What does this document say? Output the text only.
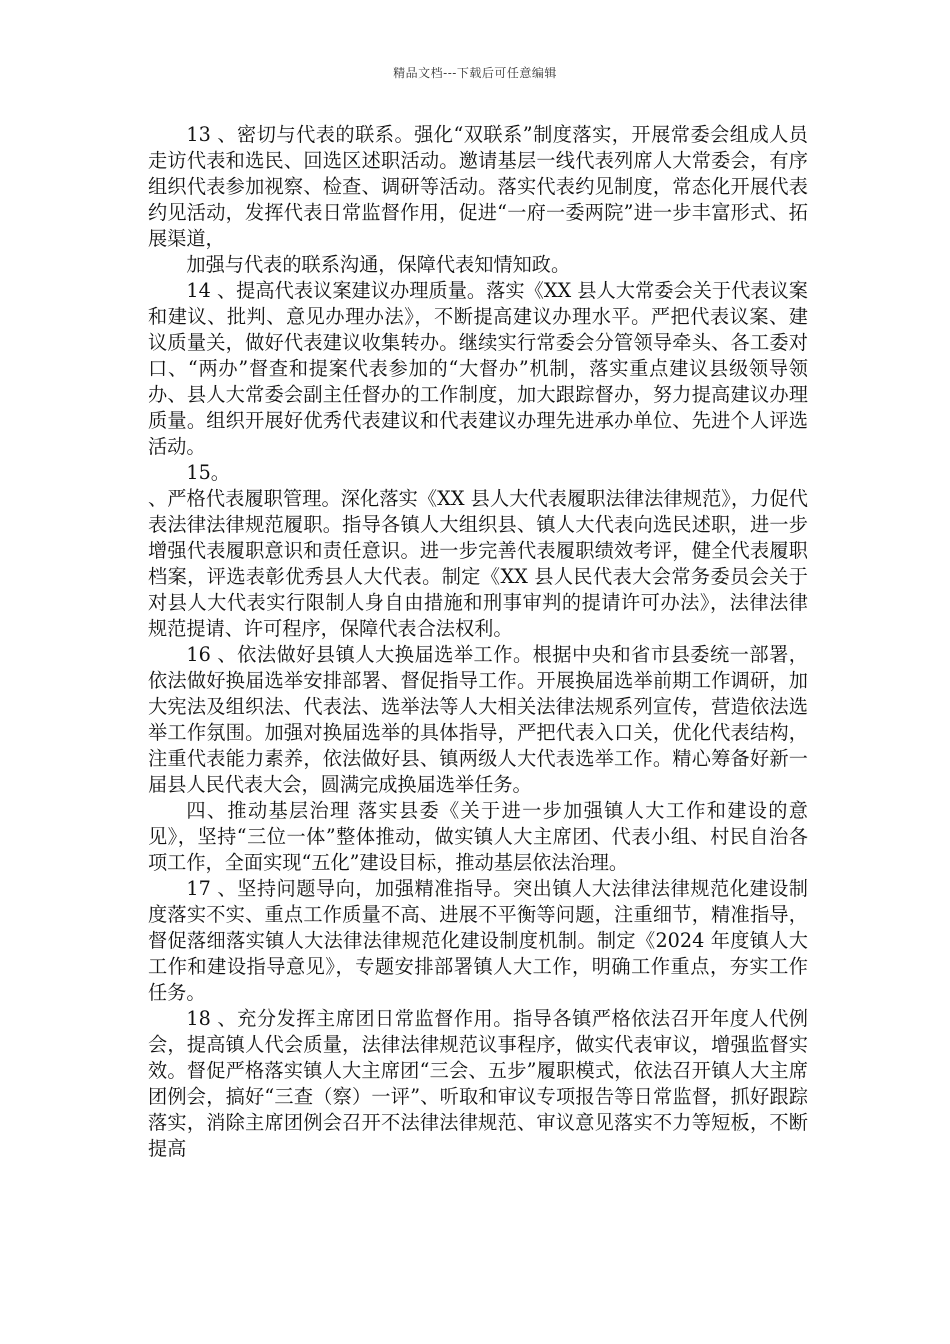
精品文档---下载后可任意编辑

13 、密切与代表的联系。强化“双联系”制度落实，开展常委会组成人员走访代表和选民、回选区述职活动。邀请基层一线代表列席人大常委会，有序组织代表参加视察、检查、调研等活动。落实代表约见制度，常态化开展代表约见活动，发挥代表日常监督作用，促进“一府一委两院”进一步丰富形式、拓展渠道，

加强与代表的联系沟通，保障代表知情知政。

14 、提高代表议案建议办理质量。落实《XX 县人大常委会关于代表议案和建议、批判、意见办理办法》，不断提高建议办理水平。严把代表议案、建议质量关，做好代表建议收集转办。继续实行常委会分管领导牵头、各工委对口、“两办”督查和提案代表参加的“大督办”机制，落实重点建议县级领导领办、县人大常委会副主任督办的工作制度，加大跟踪督办，努力提高建议办理质量。组织开展好优秀代表建议和代表建议办理先进承办单位、先进个人评选活动。

15。

、严格代表履职管理。深化落实《XX 县人大代表履职法律法律规范》，力促代表法律法律规范履职。指导各镇人大组织县、镇人大代表向选民述职，进一步增强代表履职意识和责任意识。进一步完善代表履职绩效考评，健全代表履职档案，评选表彰优秀县人大代表。制定《XX 县人民代表大会常务委员会关于对县人大代表实行限制人身自由措施和刑事审判的提请许可办法》，法律法律规范提请、许可程序，保障代表合法权利。

16 、依法做好县镇人大换届选举工作。根据中央和省市县委统一部署，依法做好换届选举安排部署、督促指导工作。开展换届选举前期工作调研，加大宪法及组织法、代表法、选举法等人大相关法律法规系列宣传，营造依法选举工作氛围。加强对换届选举的具体指导，严把代表入口关，优化代表结构，注重代表能力素养，依法做好县、镇两级人大代表选举工作。精心筹备好新一届县人民代表大会，圆满完成换届选举任务。

四、推动基层治理 落实县委《关于进一步加强镇人大工作和建设的意见》，坚持“三位一体”整体推动，做实镇人大主席团、代表小组、村民自治各项工作，全面实现“五化”建设目标，推动基层依法治理。

17 、坚持问题导向，加强精准指导。突出镇人大法律法律规范化建设制度落实不实、重点工作质量不高、进展不平衡等问题，注重细节，精准指导，督促落细落实镇人大法律法律规范化建设制度机制。制定《2024 年度镇人大工作和建设指导意见》，专题安排部署镇人大工作，明确工作重点，夯实工作任务。

18 、充分发挥主席团日常监督作用。指导各镇严格依法召开年度人代例会，提高镇人代会质量，法律法律规范议事程序，做实代表审议，增强监督实效。督促严格落实镇人大主席团“三会、五步”履职模式，依法召开镇人大主席团例会，搞好“三查（察）一评”、听取和审议专项报告等日常监督，抓好跟踪落实，消除主席团例会召开不法律法律规范、审议意见落实不力等短板，不断提高
